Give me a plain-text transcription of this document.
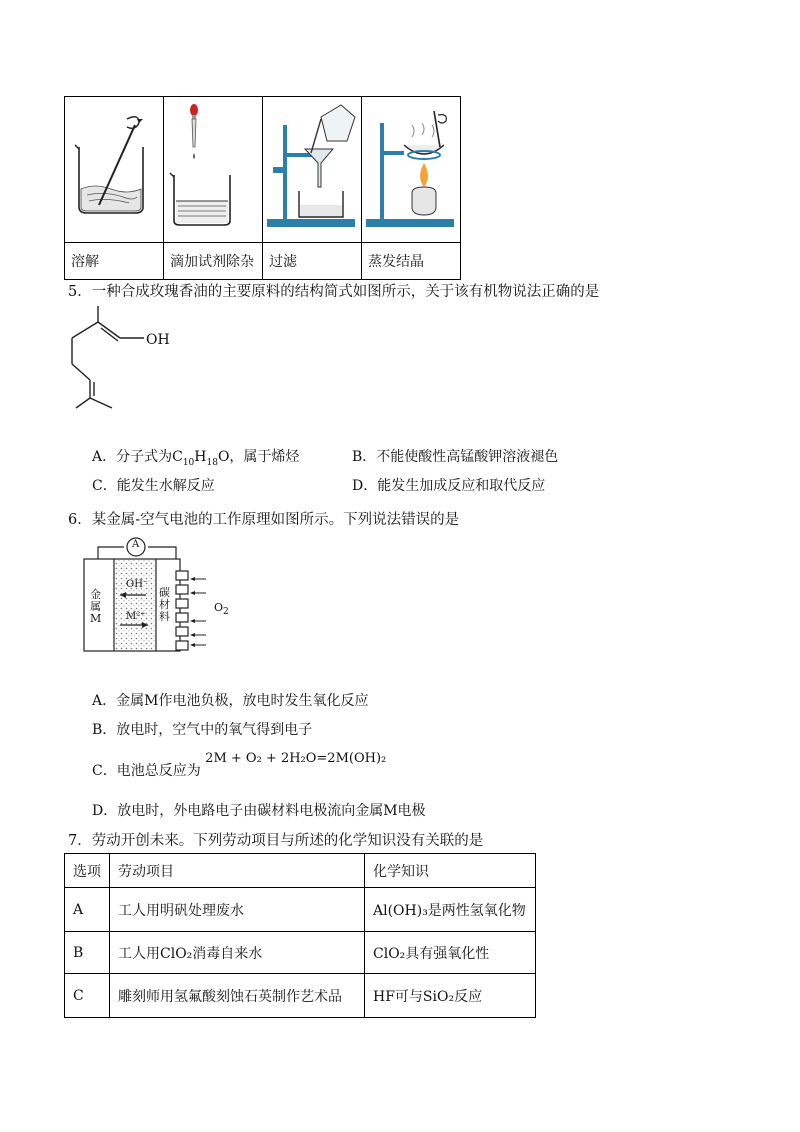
溶解	滴加试剂除杂	过滤	蒸发结晶
5．一种合成玫瑰香油的主要原料的结构简式如图所示，关于该有机物说法正确的是
OH
A．分子式为$C_{10}H_{18}O$，属于烯烃	B．不能使酸性高锰酸钾溶液褪色
C．能发生水解反应	D．能发生加成反应和取代反应
6．某金属-空气电池的工作原理如图所示。下列说法错误的是
A
金属M
OH⁻
M²⁺
碳材料
$O_2$
A．金属M作电池负极，放电时发生氧化反应
B．放电时，空气中的氧气得到电子
C．电池总反应为 2M + O₂ + 2H₂O=2M(OH)₂
D．放电时，外电路电子由碳材料电极流向金属M电极
7．劳动开创未来。下列劳动项目与所述的化学知识没有关联的是
选项	劳动项目	化学知识
A	工人用明矾处理废水	Al(OH)₃是两性氢氧化物
B	工人用ClO₂消毒自来水	ClO₂具有强氧化性
C	雕刻师用氢氟酸刻蚀石英制作艺术品	HF可与SiO₂反应
